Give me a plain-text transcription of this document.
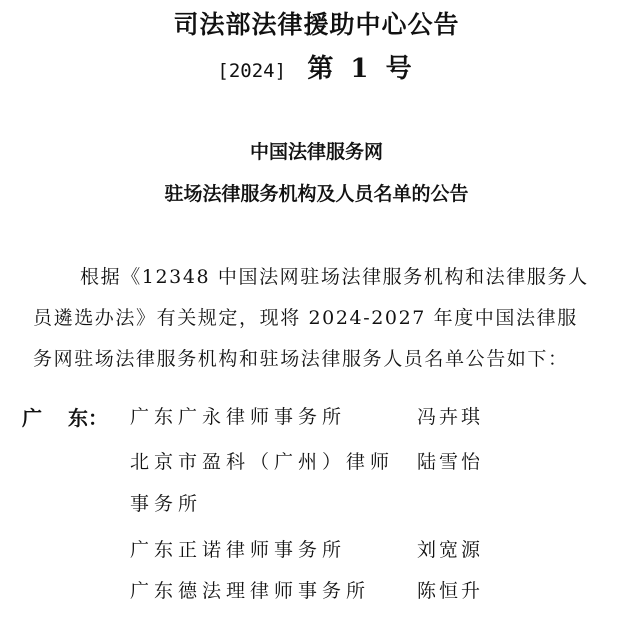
司法部法律援助中心公告
[2024] 第 1 号
中国法律服务网
驻场法律服务机构及人员名单的公告
根据《12348 中国法网驻场法律服务机构和法律服务人
员遴选办法》有关规定，现将 2024-2027 年度中国法律服
务网驻场法律服务机构和驻场法律服务人员名单公告如下：
广 东： 广东广永律师事务所	冯卉琪
北京市盈科（广州）律师 陆雪怡
事务所
广东正诺律师事务所	刘宽源
广东德法理律师事务所 陈恒升
